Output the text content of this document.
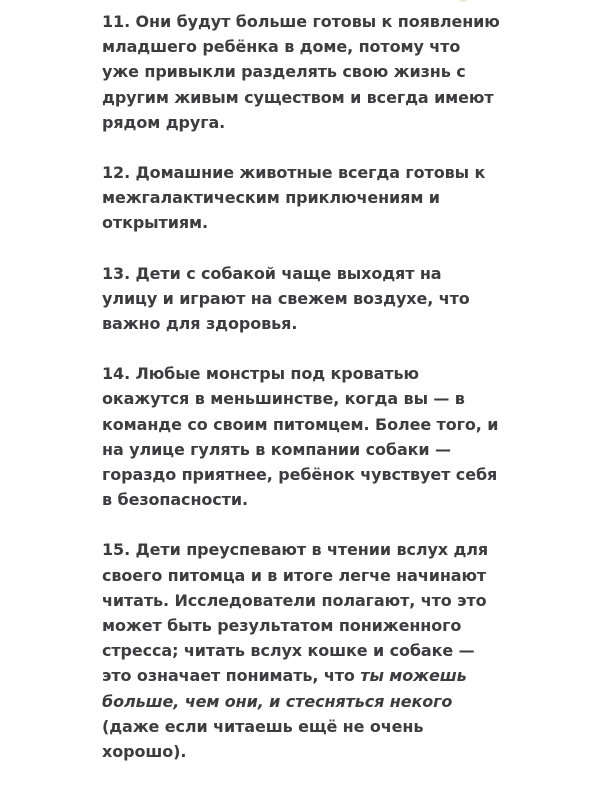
11. Они будут больше готовы к появлению младшего ребёнка в доме, потому что уже привыкли разделять свою жизнь с другим живым существом и всегда имеют рядом друга.

12. Домашние животные всегда готовы к межгалактическим приключениям и открытиям.

13. Дети с собакой чаще выходят на улицу и играют на свежем воздухе, что важно для здоровья.

14. Любые монстры под кроватью окажутся в меньшинстве, когда вы — в команде со своим питомцем. Более того, и на улице гулять в компании собаки — гораздо приятнее, ребёнок чувствует себя в безопасности.

15. Дети преуспевают в чтении вслух для своего питомца и в итоге легче начинают читать. Исследователи полагают, что это может быть результатом пониженного стресса; читать вслух кошке и собаке — это означает понимать, что ты можешь больше, чем они, и стесняться некого (даже если читаешь ещё не очень хорошо).
